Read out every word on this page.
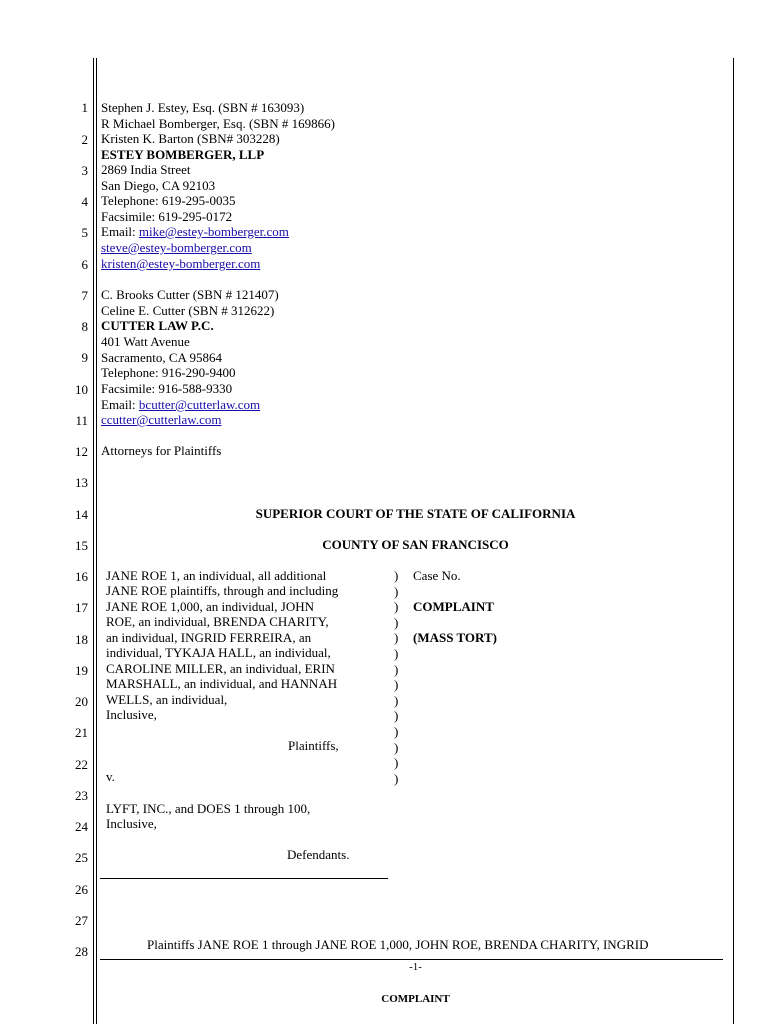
1
2
3
4
5
6
7
8
9
10
11
12
13
14
15
16
17
18
19
20
21
22
23
24
25
26
27
28
Stephen J. Estey, Esq. (SBN # 163093)
R Michael Bomberger, Esq. (SBN # 169866)
Kristen K. Barton (SBN# 303228)
ESTEY BOMBERGER, LLP
2869 India Street
San Diego, CA 92103
Telephone: 619-295-0035
Facsimile: 619-295-0172
Email: mike@estey-bomberger.com
steve@estey-bomberger.com
kristen@estey-bomberger.com
C. Brooks Cutter (SBN # 121407)
Celine E. Cutter (SBN # 312622)
CUTTER LAW P.C.
401 Watt Avenue
Sacramento, CA 95864
Telephone: 916-290-9400
Facsimile: 916-588-9330
Email: bcutter@cutterlaw.com
ccutter@cutterlaw.com
Attorneys for Plaintiffs
SUPERIOR COURT OF THE STATE OF CALIFORNIA
COUNTY OF SAN FRANCISCO
JANE ROE 1, an individual, all additional
JANE ROE plaintiffs, through and including
JANE ROE 1,000, an individual, JOHN
ROE, an individual, BRENDA CHARITY,
an individual, INGRID FERREIRA, an
individual, TYKAJA HALL, an individual,
CAROLINE MILLER, an individual, ERIN
MARSHALL, an individual, and HANNAH
WELLS, an individual,
Inclusive,
Plaintiffs,
v.
LYFT, INC., and DOES 1 through 100,
Inclusive,
Defendants.
)
)
)
)
)
)
)
)
)
)
)
)
)
)
Case No.
COMPLAINT
(MASS TORT)
Plaintiffs JANE ROE 1 through JANE ROE 1,000, JOHN ROE, BRENDA CHARITY, INGRID
-1-
COMPLAINT
